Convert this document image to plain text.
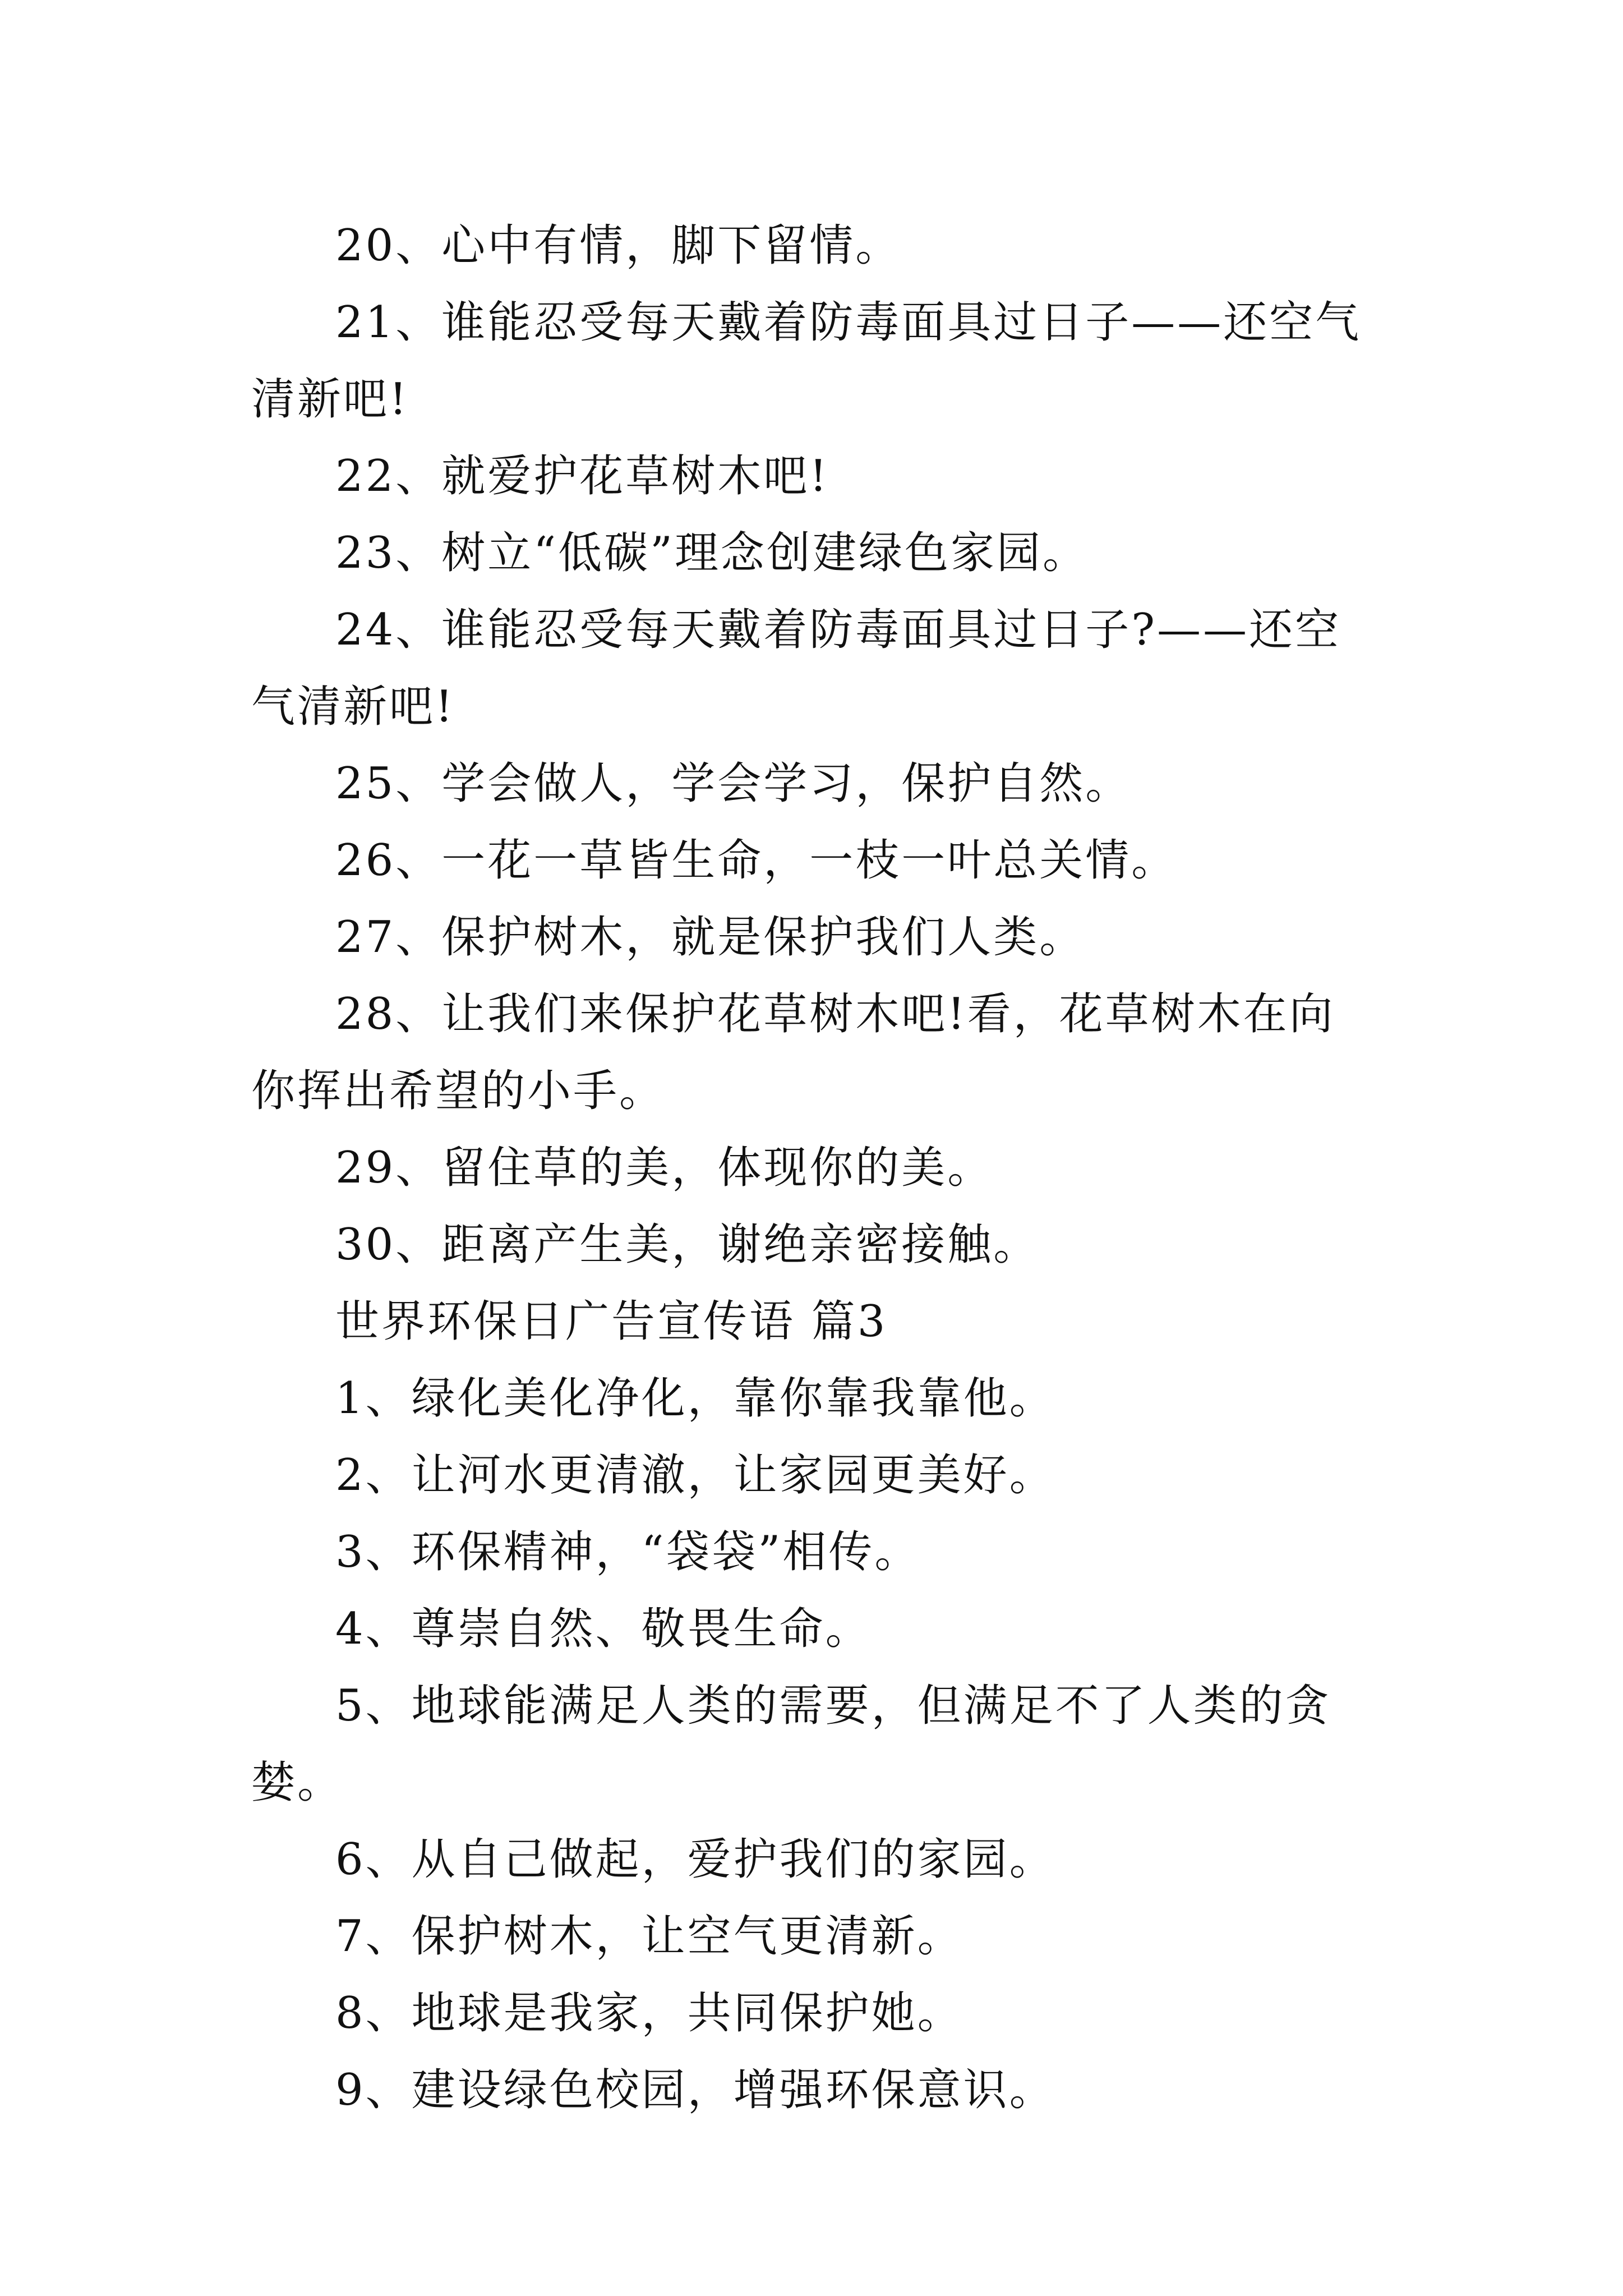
20、心中有情，脚下留情。

21、谁能忍受每天戴着防毒面具过日子——还空气清新吧!

22、就爱护花草树木吧!

23、树立“低碳”理念创建绿色家园。

24、谁能忍受每天戴着防毒面具过日子?——还空气清新吧!

25、学会做人，学会学习，保护自然。

26、一花一草皆生命，一枝一叶总关情。

27、保护树木，就是保护我们人类。

28、让我们来保护花草树木吧!看，花草树木在向你挥出希望的小手。

29、留住草的美，体现你的美。

30、距离产生美，谢绝亲密接触。

世界环保日广告宣传语 篇3

1、绿化美化净化，靠你靠我靠他。

2、让河水更清澈，让家园更美好。

3、环保精神，“袋袋”相传。

4、尊崇自然、敬畏生命。

5、地球能满足人类的需要，但满足不了人类的贪婪。

6、从自己做起，爱护我们的家园。

7、保护树木，让空气更清新。

8、地球是我家，共同保护她。

9、建设绿色校园，增强环保意识。
